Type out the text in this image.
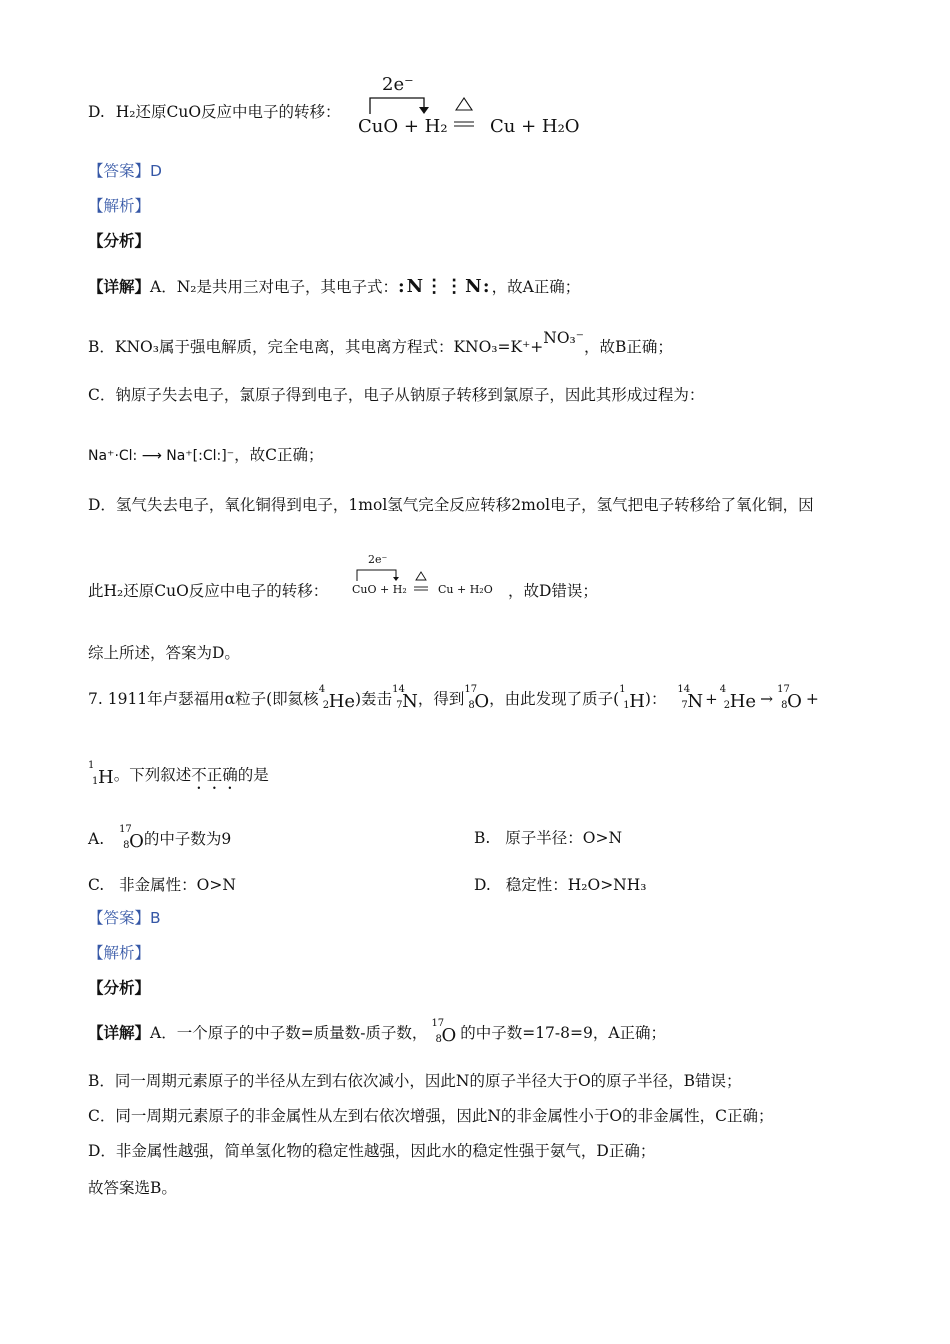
D. H₂还原CuO反应中电子的转移：
2e⁻
CuO + H₂ Cu + H₂O
【答案】D
【解析】
【分析】
【详解】A．N₂是共用三对电子，其电子式：:N⋮⋮N:，故A正确；
B．KNO₃属于强电解质，完全电离，其电离方程式：KNO₃=K⁺+NO₃⁻，故B正确；
C．钠原子失去电子，氯原子得到电子，电子从钠原子转移到氯原子，因此其形成过程为：
Na⁺·Cl: ⟶ Na⁺[:Cl:]⁻，故C正确；
D．氢气失去电子，氧化铜得到电子，1mol氢气完全反应转移2mol电子，氢气把电子转移给了氧化铜，因
此H₂还原CuO反应中电子的转移：
2e⁻
CuO + H₂	Cu + H₂O ，故D错误；
综上所述，答案为D。
7. 1911年卢瑟福用α粒子(即氦核
4
2 He)轰击
14
7 N，得到
17
8 O，由此发现了质子(
1
1 H)：
14
7 N +
4
2 He →
17
8 O +
1
1 H。下列叙述不正确的是
A.
17
8 O的中子数为9	B. 原子半径：O>N
C. 非金属性：O>N	D. 稳定性：H₂O>NH₃
【答案】B
【解析】
【分析】
【详解】A．一个原子的中子数=质量数-质子数，
17
8 O 的中子数=17-8=9，A正确；
B．同一周期元素原子的半径从左到右依次减小，因此N的原子半径大于O的原子半径，B错误；
C．同一周期元素原子的非金属性从左到右依次增强，因此N的非金属性小于O的非金属性，C正确；
D．非金属性越强，简单氢化物的稳定性越强，因此水的稳定性强于氨气，D正确；
故答案选B。
